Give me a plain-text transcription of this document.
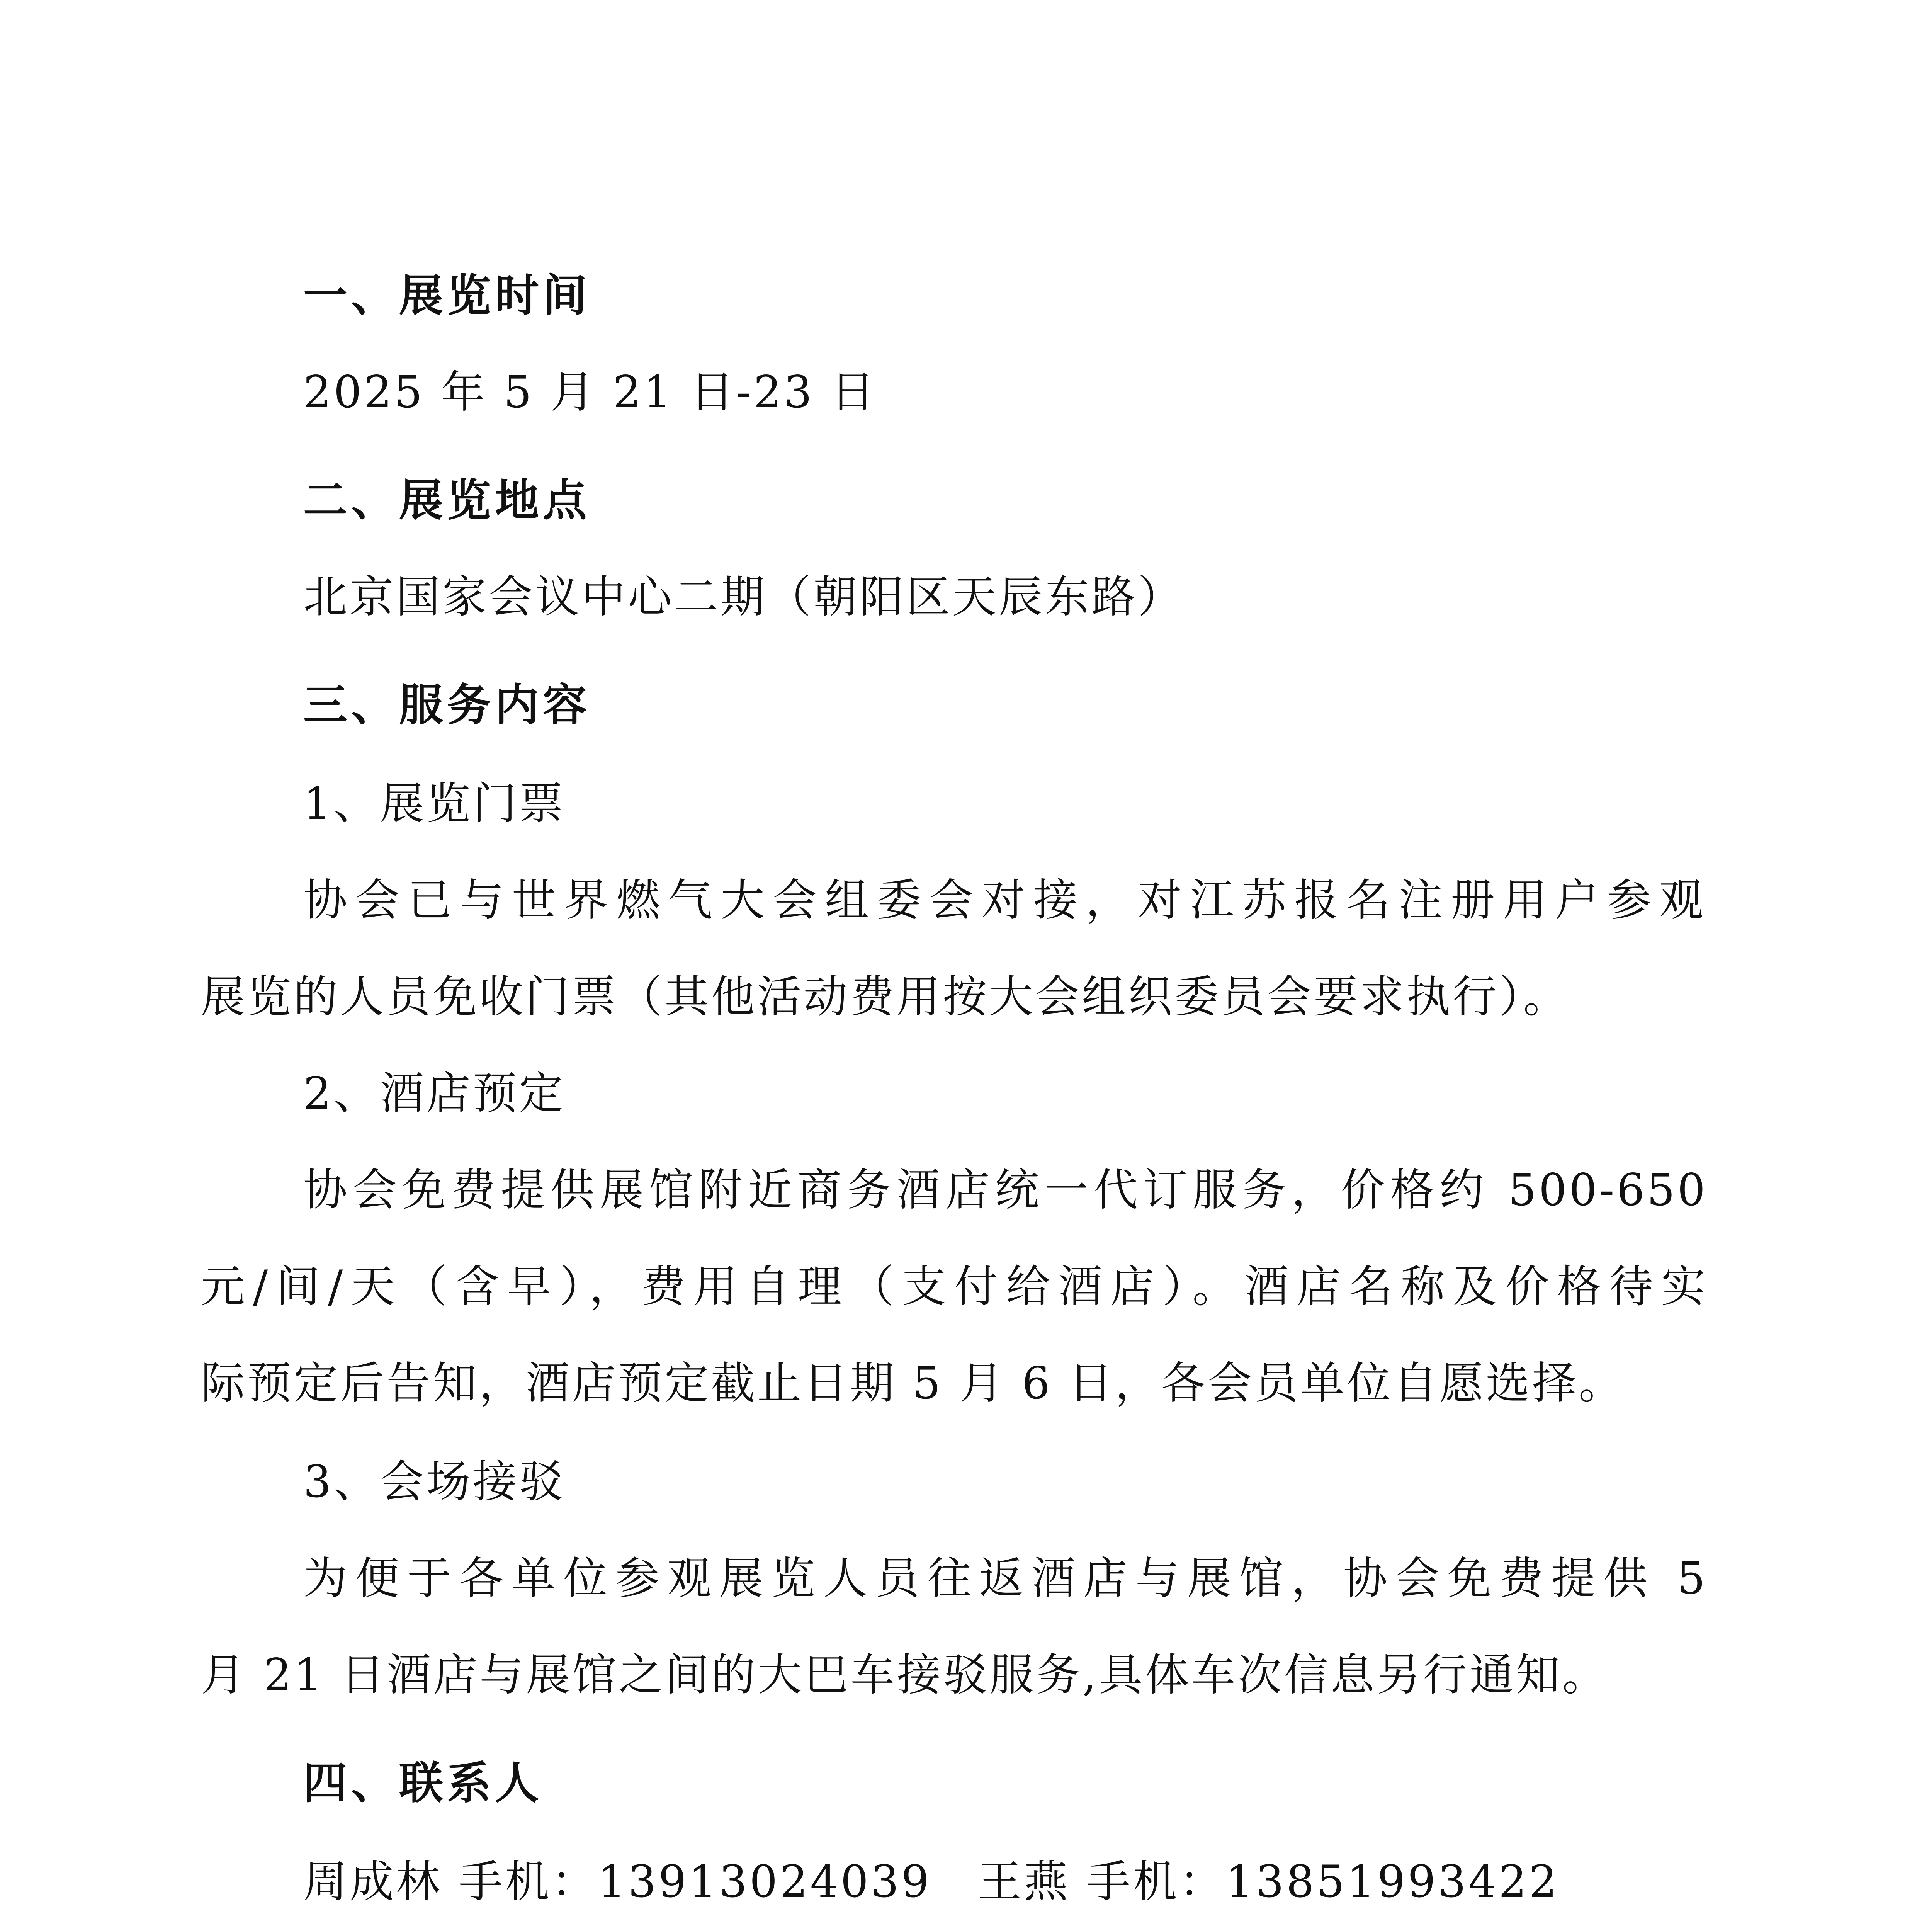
一、展览时间
2025 年 5 月 21 日-23 日
二、展览地点
北京国家会议中心二期（朝阳区天辰东路）
三、服务内容
1、展览门票
协会已与世界燃气大会组委会对接，对江苏报名注册用户参观
展览的人员免收门票（其他活动费用按大会组织委员会要求执行）。
2、酒店预定
协会免费提供展馆附近商务酒店统一代订服务，价格约 500-650
元/间/天（含早），费用自理（支付给酒店）。酒店名称及价格待实
际预定后告知，酒店预定截止日期 5 月 6 日，各会员单位自愿选择。
3、会场接驳
为便于各单位参观展览人员往返酒店与展馆，协会免费提供 5
月 21 日酒店与展馆之间的大巴车接驳服务,具体车次信息另行通知。
四、联系人
周成林 手机：13913024039 王燕 手机：13851993422
